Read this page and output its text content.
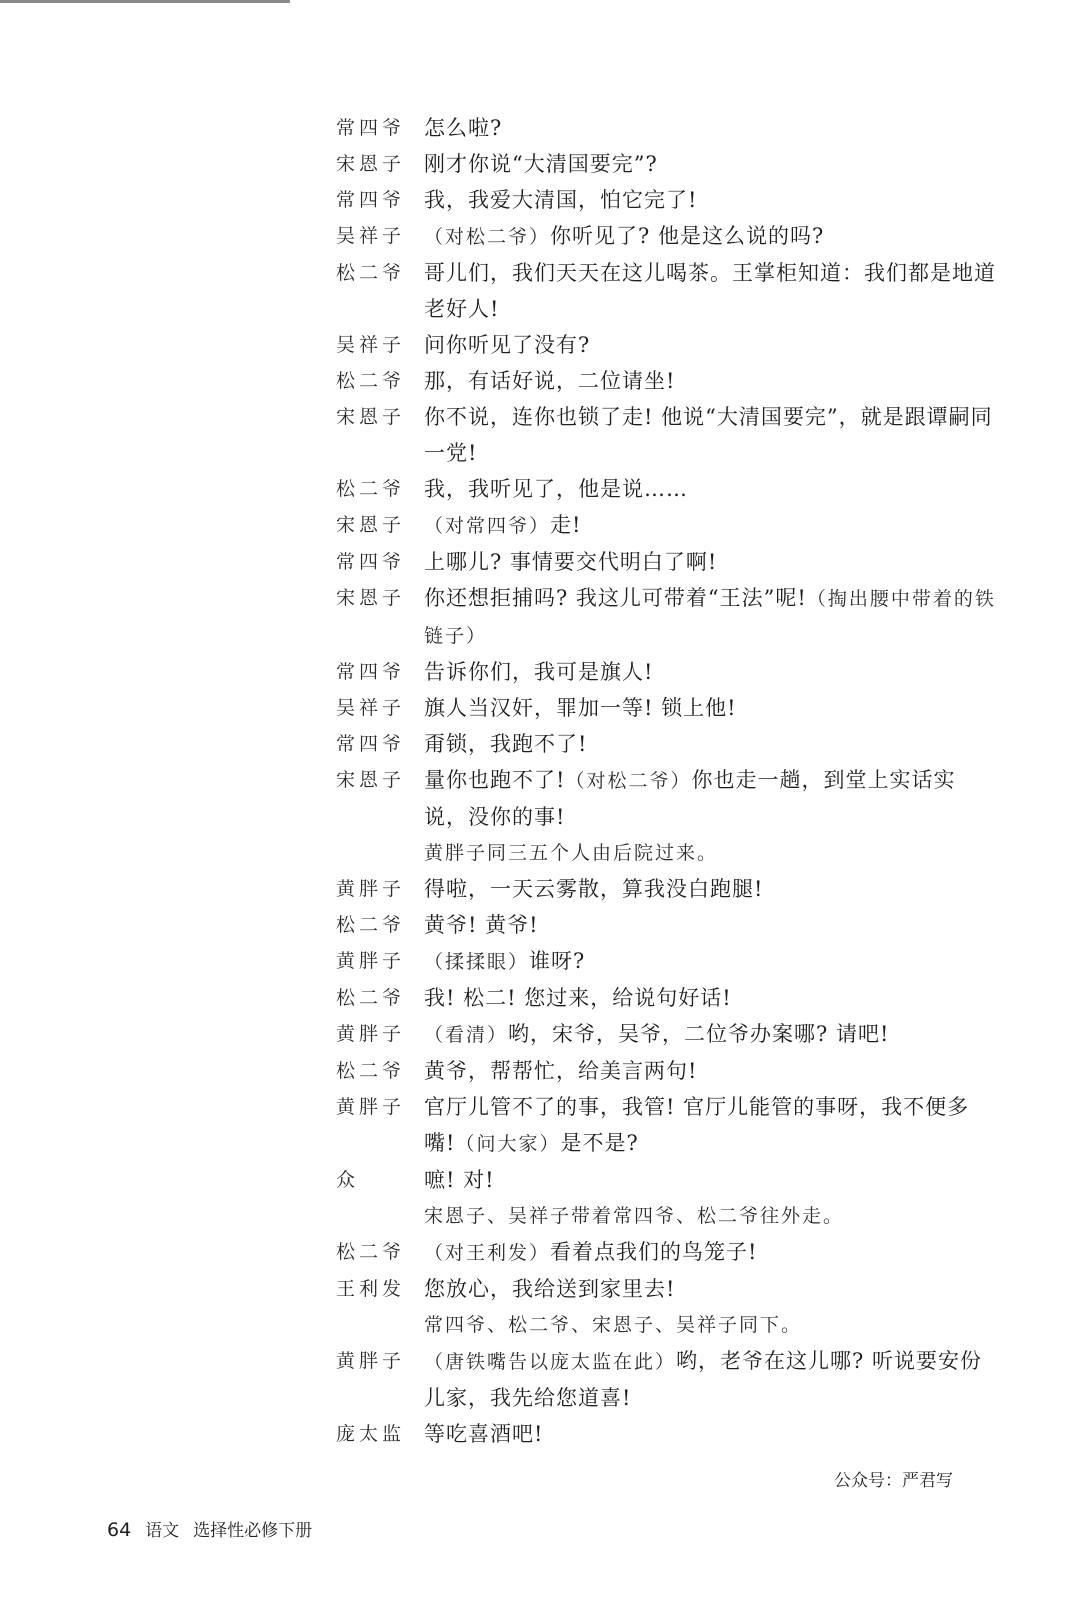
常四爷 怎么啦?
宋恩子 刚才你说“大清国要完”?
常四爷 我，我爱大清国，怕它完了!
吴祥子 （对松二爷）你听见了? 他是这么说的吗?
松二爷 哥儿们，我们天天在这儿喝茶。王掌柜知道：我们都是地道老好人!
吴祥子 问你听见了没有?
松二爷 那，有话好说，二位请坐!
宋恩子 你不说，连你也锁了走! 他说“大清国要完”，就是跟谭嗣同一党!
松二爷 我，我听见了，他是说……
宋恩子 （对常四爷）走!
常四爷 上哪儿? 事情要交代明白了啊!
宋恩子 你还想拒捕吗? 我这儿可带着“王法”呢!（掏出腰中带着的铁链子）
常四爷 告诉你们，我可是旗人!
吴祥子 旗人当汉奸，罪加一等! 锁上他!
常四爷 甭锁，我跑不了!
宋恩子 量你也跑不了!（对松二爷）你也走一趟，到堂上实话实说，没你的事!
黄胖子同三五个人由后院过来。
黄胖子 得啦，一天云雾散，算我没白跑腿!
松二爷 黄爷! 黄爷!
黄胖子 （揉揉眼）谁呀?
松二爷 我! 松二! 您过来，给说句好话!
黄胖子 （看清）哟，宋爷，吴爷，二位爷办案哪? 请吧!
松二爷 黄爷，帮帮忙，给美言两句!
黄胖子 官厅儿管不了的事，我管! 官厅儿能管的事呀，我不便多嘴!（问大家）是不是?
众	嗻! 对!
宋恩子、吴祥子带着常四爷、松二爷往外走。
松二爷 （对王利发）看着点我们的鸟笼子!
王利发 您放心，我给送到家里去!
常四爷、松二爷、宋恩子、吴祥子同下。
黄胖子 （唐铁嘴告以庞太监在此）哟，老爷在这儿哪? 听说要安份儿家，我先给您道喜!
庞太监 等吃喜酒吧!
公众号：严君写
64 语文 选择性必修下册
